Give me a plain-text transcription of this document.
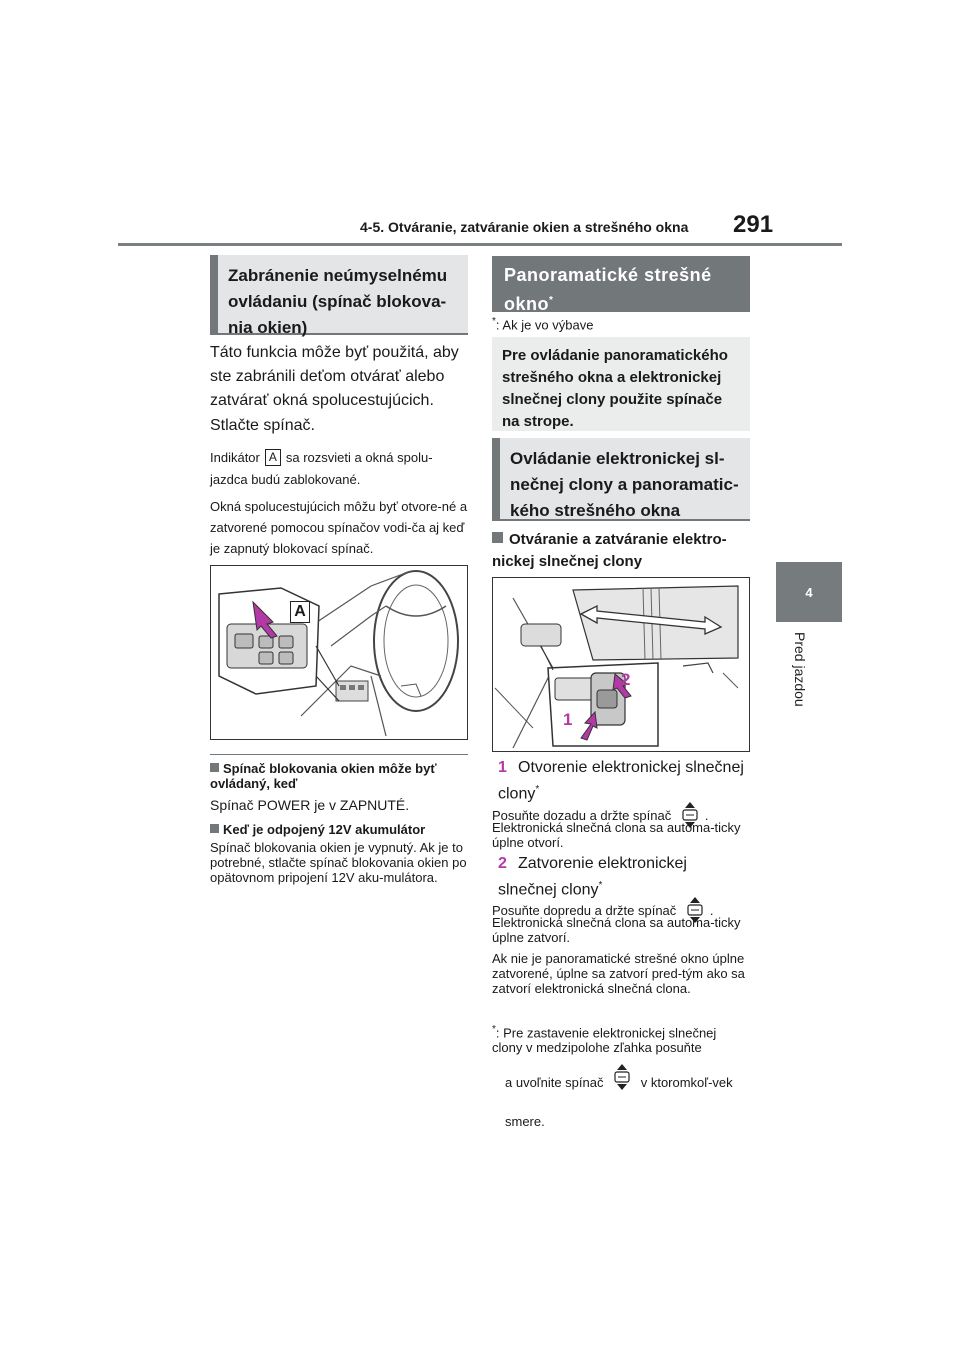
4-5. Otváranie, zatváranie okien a strešného okna 291
4
Pred jazdou
Zabránenie neúmyselnému ovládaniu (spínač blokova-nia okien)
Táto funkcia môže byť použitá, aby ste zabránili deťom otvárať alebo zatvárať okná spolucestujúcich.
Stlačte spínač.
Indikátor A sa rozsvieti a okná spolu-jazdca budú zablokované.
Okná spolucestujúcich môžu byť otvore-né a zatvorené pomocou spínačov vodi-ča aj keď je zapnutý blokovací spínač.
A
Spínač blokovania okien môže byť ovládaný, keď
Spínač POWER je v ZAPNUTÉ.
Keď je odpojený 12V akumulátor
Spínač blokovania okien je vypnutý. Ak je to potrebné, stlačte spínač blokovania okien po opätovnom pripojení 12V aku-mulátora.
Panoramatické strešné okno*
*: Ak je vo výbave
Pre ovládanie panoramatického strešného okna a elektronickej slnečnej clony použite spínače na strope.
Ovládanie elektronickej sl-nečnej clony a panoramatic-kého strešného okna
Otváranie a zatváranie elektro-nickej slnečnej clony
1
2
1 Otvorenie elektronickej slnečnej clony*
Posuňte dozadu a držte spínač	.
Elektronická slnečná clona sa automa-ticky úplne otvorí.
2 Zatvorenie elektronickej slnečnej clony*
Posuňte dopredu a držte spínač	.
Elektronická slnečná clona sa automa-ticky úplne zatvorí.
Ak nie je panoramatické strešné okno úplne zatvorené, úplne sa zatvorí pred-tým ako sa zatvorí elektronická slnečná clona.
*: Pre zastavenie elektronickej slnečnej clony v medzipolohe zľahka posuňte
a uvoľnite spínač	v ktoromkoľ-vek smere.
